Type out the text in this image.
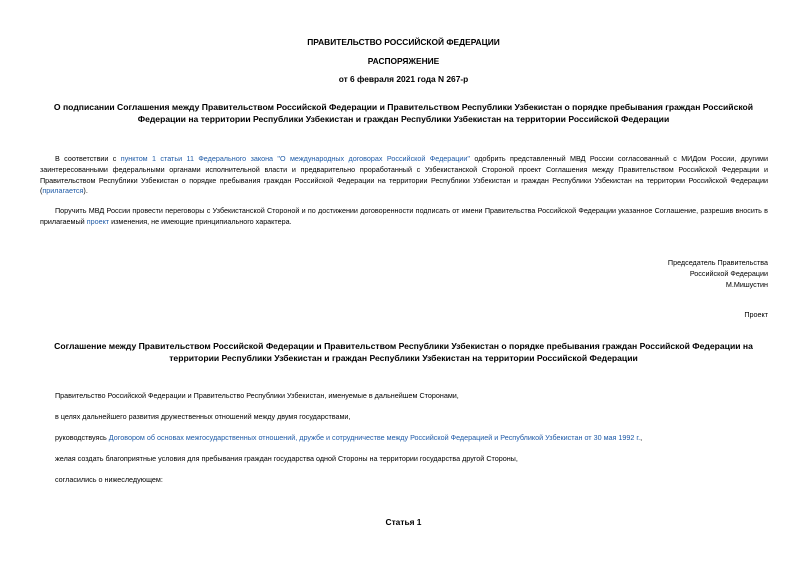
ПРАВИТЕЛЬСТВО РОССИЙСКОЙ ФЕДЕРАЦИИ
РАСПОРЯЖЕНИЕ
от 6 февраля 2021 года N 267-р
О подписании Соглашения между Правительством Российской Федерации и Правительством Республики Узбекистан о порядке пребывания граждан Российской
Федерации на территории Республики Узбекистан и граждан Республики Узбекистан на территории Российской Федерации
В соответствии с пунктом 1 статьи 11 Федерального закона "О международных договорах Российской Федерации" одобрить представленный МВД России согласованный с МИДом России, другими заинтересованными федеральными органами исполнительной власти и предварительно проработанный с Узбекистанской Стороной проект Соглашения между Правительством Российской Федерации и Правительством Республики Узбекистан о порядке пребывания граждан Российской Федерации на территории Республики Узбекистан и граждан Республики Узбекистан на территории Российской Федерации (прилагается).
Поручить МВД России провести переговоры с Узбекистанской Стороной и по достижении договоренности подписать от имени Правительства Российской Федерации указанное Соглашение, разрешив вносить в прилагаемый проект изменения, не имеющие принципиального характера.
Председатель Правительства
Российской Федерации
М.Мишустин
Проект
Соглашение между Правительством Российской Федерации и Правительством Республики Узбекистан о порядке пребывания граждан Российской Федерации на
территории Республики Узбекистан и граждан Республики Узбекистан на территории Российской Федерации
Правительство Российской Федерации и Правительство Республики Узбекистан, именуемые в дальнейшем Сторонами,
в целях дальнейшего развития дружественных отношений между двумя государствами,
руководствуясь Договором об основах межгосударственных отношений, дружбе и сотрудничестве между Российской Федерацией и Республикой Узбекистан от 30 мая 1992 г.,
желая создать благоприятные условия для пребывания граждан государства одной Стороны на территории государства другой Стороны,
согласились о нижеследующем:
Статья 1
